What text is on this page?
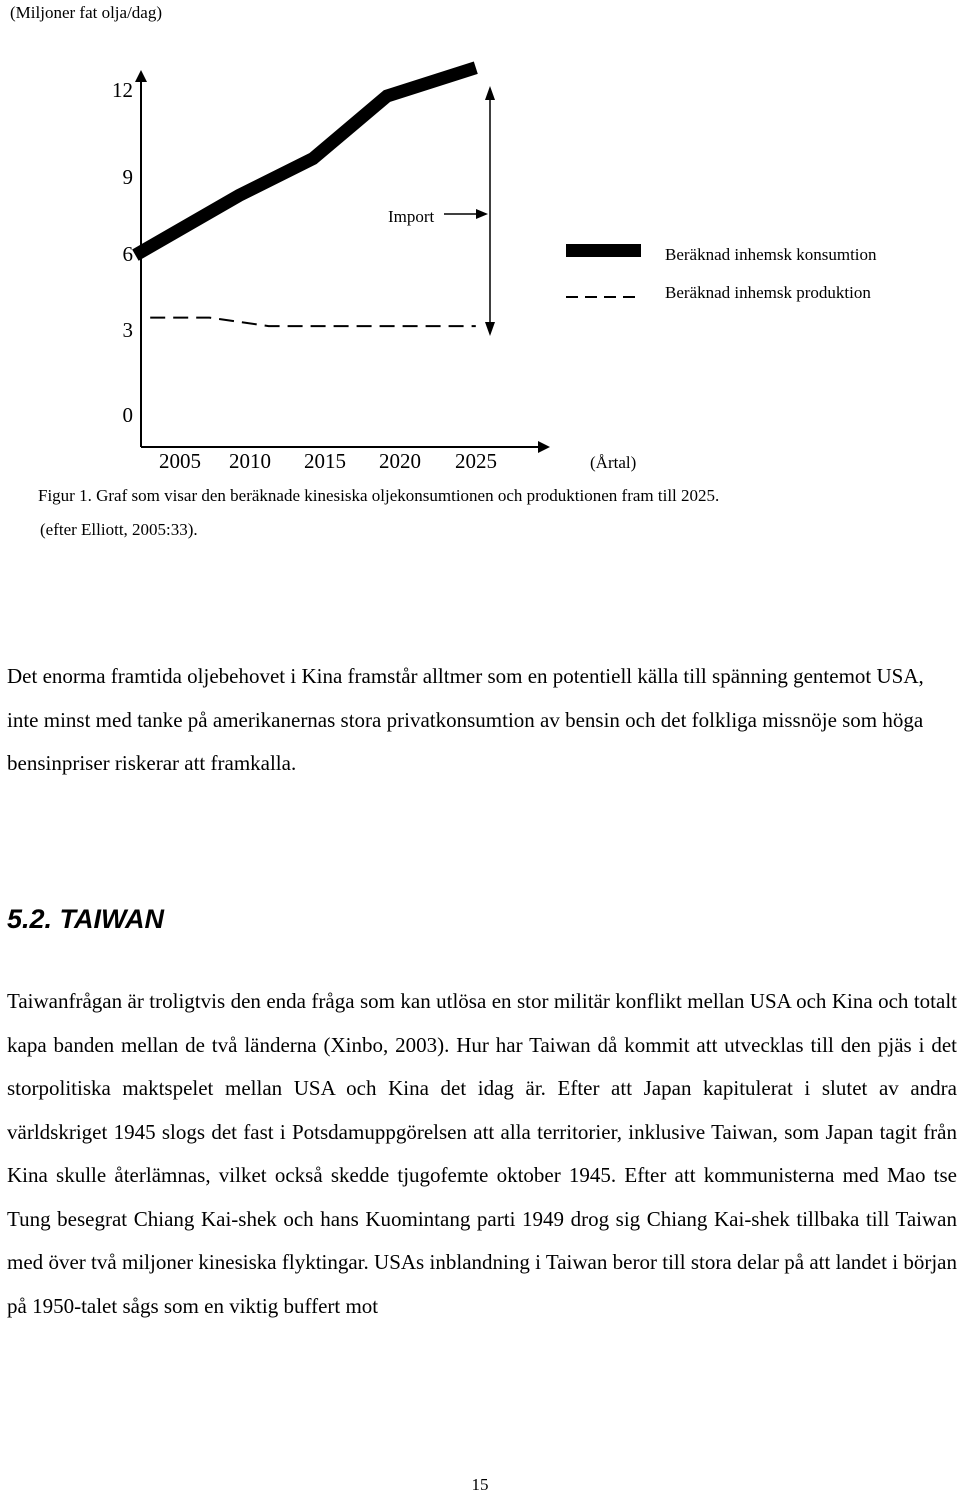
(Miljoner fat olja/dag)
12
9
6
3
0
2005 2010 2015 2020 2025	(Årtal)
Import
Beräknad inhemsk konsumtion
Beräknad inhemsk produktion

Figur 1. Graf som visar den beräknade kinesiska oljekonsumtionen och produktionen fram till 2025.

(efter Elliott, 2005:33).

Det enorma framtida oljebehovet i Kina framstår alltmer som en potentiell källa till spänning gentemot USA, inte minst med tanke på amerikanernas stora privatkonsumtion av bensin och det folkliga missnöje som höga bensinpriser riskerar att framkalla.

5.2. TAIWAN

Taiwanfrågan är troligtvis den enda fråga som kan utlösa en stor militär konflikt mellan USA och Kina och totalt kapa banden mellan de två länderna (Xinbo, 2003). Hur har Taiwan då kommit att utvecklas till den pjäs i det storpolitiska maktspelet mellan USA och Kina det idag är. Efter att Japan kapitulerat i slutet av andra världskriget 1945 slogs det fast i Potsdamuppgörelsen att alla territorier, inklusive Taiwan, som Japan tagit från Kina skulle återlämnas, vilket också skedde tjugofemte oktober 1945. Efter att kommunisterna med Mao tse Tung besegrat Chiang Kai-shek och hans Kuomintang parti 1949 drog sig Chiang Kai-shek tillbaka till Taiwan med över två miljoner kinesiska flyktingar. USAs inblandning i Taiwan beror till stora delar på att landet i början på 1950-talet sågs som en viktig buffert mot

15
